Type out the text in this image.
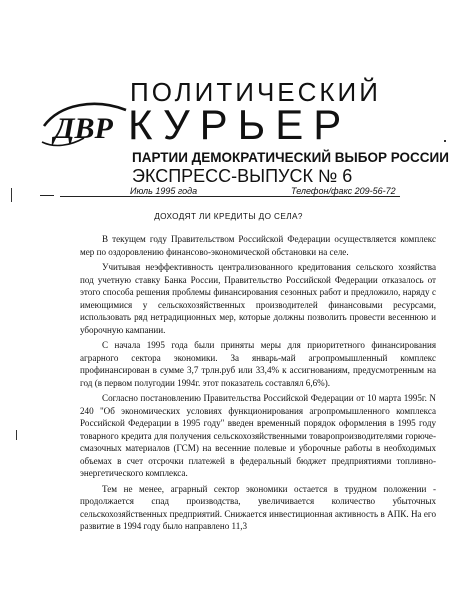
ДВР
ПОЛИТИЧЕСКИЙ
КУРЬЕР
ПАРТИИ ДЕМОКРАТИЧЕСКИЙ ВЫБОР РОССИИ
ЭКСПРЕСС-ВЫПУСК № 6
Июль 1995 года	Телефон/факс 209-56-72
ДОХОДЯТ ЛИ КРЕДИТЫ ДО СЕЛА?

В текущем году Правительством Российской Федерации осуществляется комплекс мер по оздоровлению финансово-экономической обстановки на селе.

Учитывая неэффективность централизованного кредитования сельского хозяйства под учетную ставку Банка России, Правительство Российской Федерации отказалось от этого способа решения проблемы финансирования сезонных работ и предложило, наряду с имеющимися у сельскохозяйственных производителей финансовыми ресурсами, использовать ряд нетрадиционных мер, которые должны позволить провести весеннюю и уборочную кампании.

С начала 1995 года были приняты меры для приоритетного финансирования аграрного сектора экономики. За январь-май агропромышленный комплекс профинансирован в сумме 3,7 трлн.руб или 33,4% к ассигнованиям, предусмотренным на год (в первом полугодии 1994г. этот показатель составлял 6,6%).

Согласно постановлению Правительства Российской Федерации от 10 марта 1995г. N 240 "Об экономических условиях функционирования агропромышленного комплекса Российской Федерации в 1995 году" введен временный порядок оформления в 1995 году товарного кредита для получения сельскохозяйственными товаропроизводителями горюче-смазочных материалов (ГСМ) на весенние полевые и уборочные работы в необходимых объемах в счет отсрочки платежей в федеральный бюджет предприятиями топливно-энергетического комплекса.

Тем не менее, аграрный сектор экономики остается в трудном положении - продолжается спад производства, увеличивается количество убыточных сельскохозяйственных предприятий. Снижается инвестиционная активность в АПК. На его развитие в 1994 году было направлено 11,3
